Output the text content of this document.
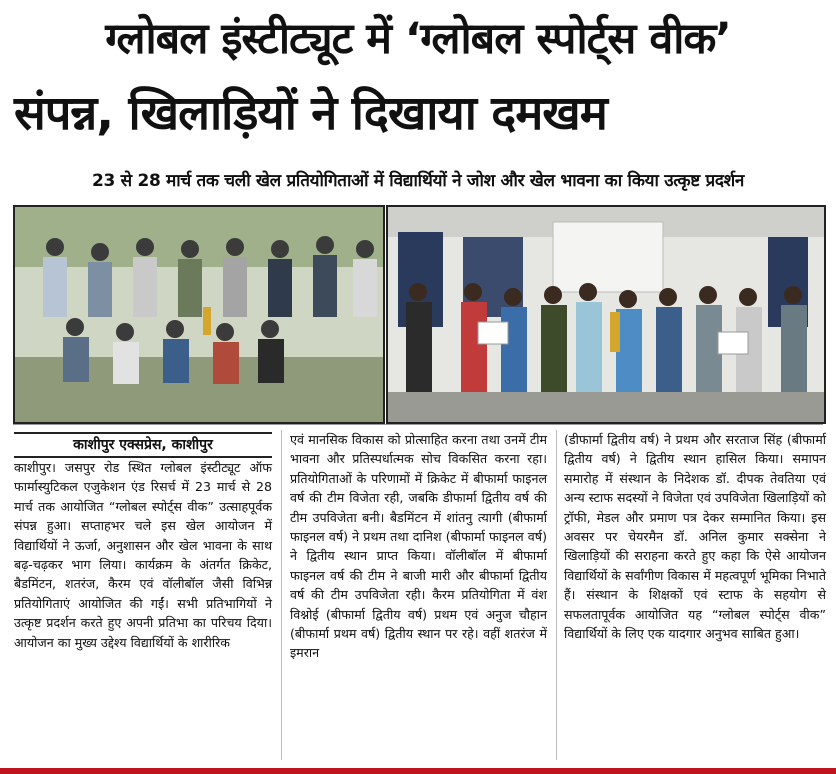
ग्लोबल इंस्टीट्यूट में ‘ग्लोबल स्पोर्ट्स वीक’
संपन्न, खिलाड़ियों ने दिखाया दमखम
23 से 28 मार्च तक चली खेल प्रतियोगिताओं में विद्यार्थियों ने जोश और खेल भावना का किया उत्कृष्ट प्रदर्शन
काशीपुर एक्सप्रेस, काशीपुर

काशीपुर। जसपुर रोड स्थित ग्लोबल इंस्टीट्यूट ऑफ फार्मास्युटिकल एजुकेशन एंड रिसर्च में 23 मार्च से 28 मार्च तक आयोजित “ग्लोबल स्पोर्ट्स वीक” उत्साहपूर्वक संपन्न हुआ। सप्ताहभर चले इस खेल आयोजन में विद्यार्थियों ने ऊर्जा, अनुशासन और खेल भावना के साथ बढ़-चढ़कर भाग लिया। कार्यक्रम के अंतर्गत क्रिकेट, बैडमिंटन, शतरंज, कैरम एवं वॉलीबॉल जैसी विभिन्न प्रतियोगिताएं आयोजित की गईं। सभी प्रतिभागियों ने उत्कृष्ट प्रदर्शन करते हुए अपनी प्रतिभा का परिचय दिया। आयोजन का मुख्य उद्देश्य विद्यार्थियों के शारीरिक

एवं मानसिक विकास को प्रोत्साहित करना तथा उनमें टीम भावना और प्रतिस्पर्धात्मक सोच विकसित करना रहा। प्रतियोगिताओं के परिणामों में क्रिकेट में बीफार्मा फाइनल वर्ष की टीम विजेता रही, जबकि डीफार्मा द्वितीय वर्ष की टीम उपविजेता बनी। बैडमिंटन में शांतनु त्यागी (बीफार्मा फाइनल वर्ष) ने प्रथम तथा दानिश (बीफार्मा फाइनल वर्ष) ने द्वितीय स्थान प्राप्त किया। वॉलीबॉल में बीफार्मा फाइनल वर्ष की टीम ने बाजी मारी और बीफार्मा द्वितीय वर्ष की टीम उपविजेता रही। कैरम प्रतियोगिता में वंश विश्नोई (बीफार्मा द्वितीय वर्ष) प्रथम एवं अनुज चौहान (बीफार्मा प्रथम वर्ष) द्वितीय स्थान पर रहे। वहीं शतरंज में इमरान

(डीफार्मा द्वितीय वर्ष) ने प्रथम और सरताज सिंह (बीफार्मा द्वितीय वर्ष) ने द्वितीय स्थान हासिल किया। समापन समारोह में संस्थान के निदेशक डॉ. दीपक तेवतिया एवं अन्य स्टाफ सदस्यों ने विजेता एवं उपविजेता खिलाड़ियों को ट्रॉफी, मेडल और प्रमाण पत्र देकर सम्मानित किया। इस अवसर पर चेयरमैन डॉ. अनिल कुमार सक्सेना ने खिलाड़ियों की सराहना करते हुए कहा कि ऐसे आयोजन विद्यार्थियों के सर्वांगीण विकास में महत्वपूर्ण भूमिका निभाते हैं। संस्थान के शिक्षकों एवं स्टाफ के सहयोग से सफलतापूर्वक आयोजित यह “ग्लोबल स्पोर्ट्स वीक” विद्यार्थियों के लिए एक यादगार अनुभव साबित हुआ।
